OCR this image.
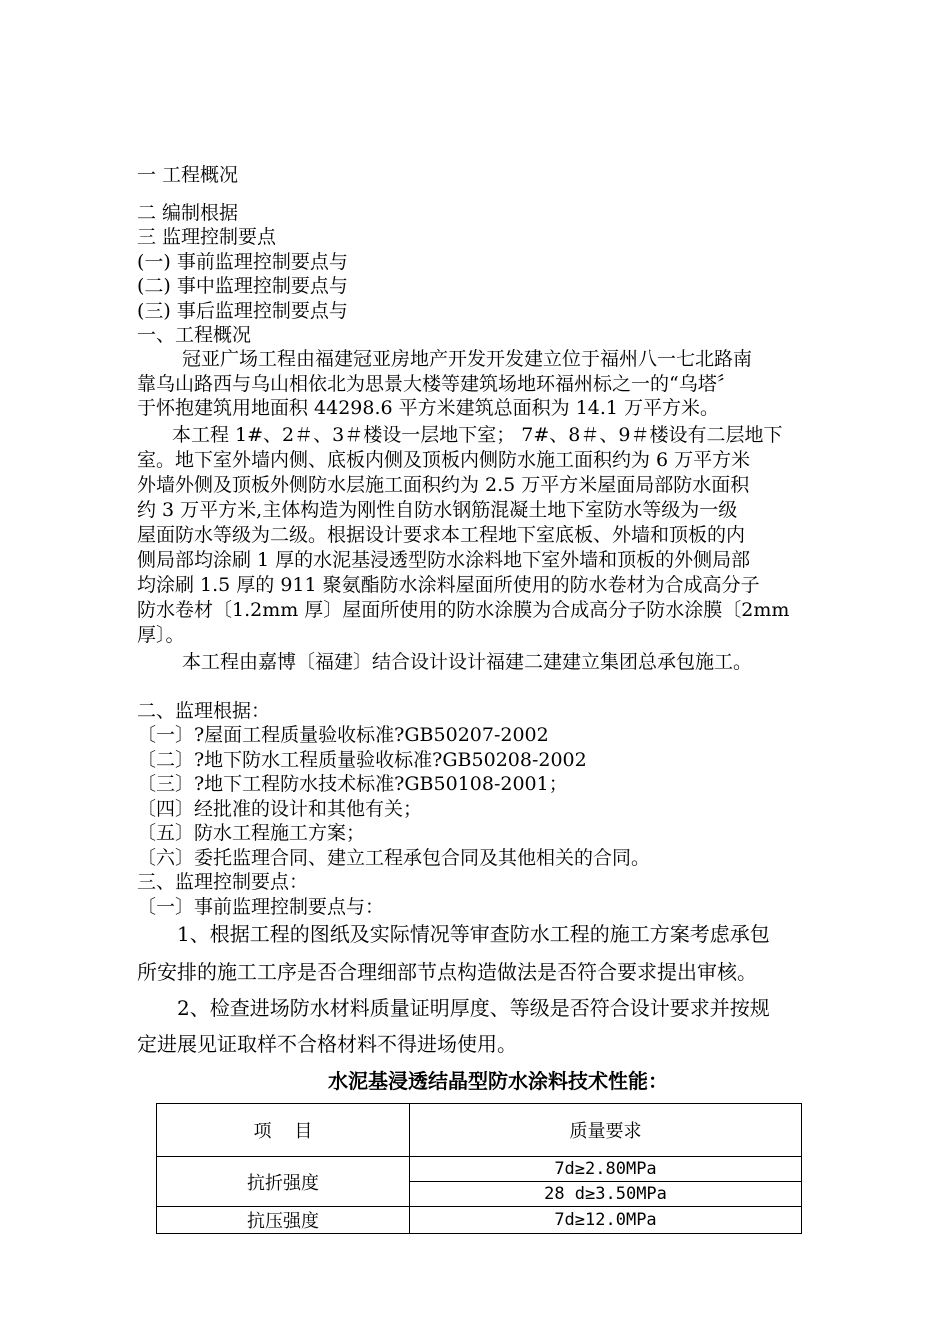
一 工程概况
二 编制根据
三 监理控制要点
(一) 事前监理控制要点与
(二) 事中监理控制要点与
(三) 事后监理控制要点与
一、工程概况
冠亚广场工程由福建冠亚房地产开发开发建立位于福州八一七北路南
靠乌山路西与乌山相依北为思景大楼等建筑场地环福州标之一的“乌塔〞
于怀抱建筑用地面积 44298.6 平方米建筑总面积为 14.1 万平方米。
本工程 1#、2＃、3＃楼设一层地下室； 7#、8＃、9＃楼设有二层地下
室。地下室外墙内侧、底板内侧及顶板内侧防水施工面积约为 6 万平方米
外墙外侧及顶板外侧防水层施工面积约为 2.5 万平方米屋面局部防水面积
约 3 万平方米,主体构造为刚性自防水钢筋混凝土地下室防水等级为一级
屋面防水等级为二级。根据设计要求本工程地下室底板、外墙和顶板的内
侧局部均涂刷 1 厚的水泥基浸透型防水涂料地下室外墙和顶板的外侧局部
均涂刷 1.5 厚的 911 聚氨酯防水涂料屋面所使用的防水卷材为合成高分子
防水卷材〔1.2mm 厚〕屋面所使用的防水涂膜为合成高分子防水涂膜〔2mm
厚〕。
本工程由嘉博〔福建〕结合设计设计福建二建建立集团总承包施工。
二、监理根据：
〔一〕?屋面工程质量验收标准?GB50207-2002
〔二〕?地下防水工程质量验收标准?GB50208-2002
〔三〕?地下工程防水技术标准?GB50108-2001；
〔四〕经批准的设计和其他有关；
〔五〕防水工程施工方案；
〔六〕委托监理合同、建立工程承包合同及其他相关的合同。
三、监理控制要点：
〔一〕事前监理控制要点与：
1、根据工程的图纸及实际情况等审查防水工程的施工方案考虑承包
所安排的施工工序是否合理细部节点构造做法是否符合要求提出审核。
2、检查进场防水材料质量证明厚度、等级是否符合设计要求并按规
定进展见证取样不合格材料不得进场使用。
水泥基浸透结晶型防水涂料技术性能：
项    目	质量要求
抗折强度	7d≥2.80MPa
	28 d≥3.50MPa
抗压强度	7d≥12.0MPa
